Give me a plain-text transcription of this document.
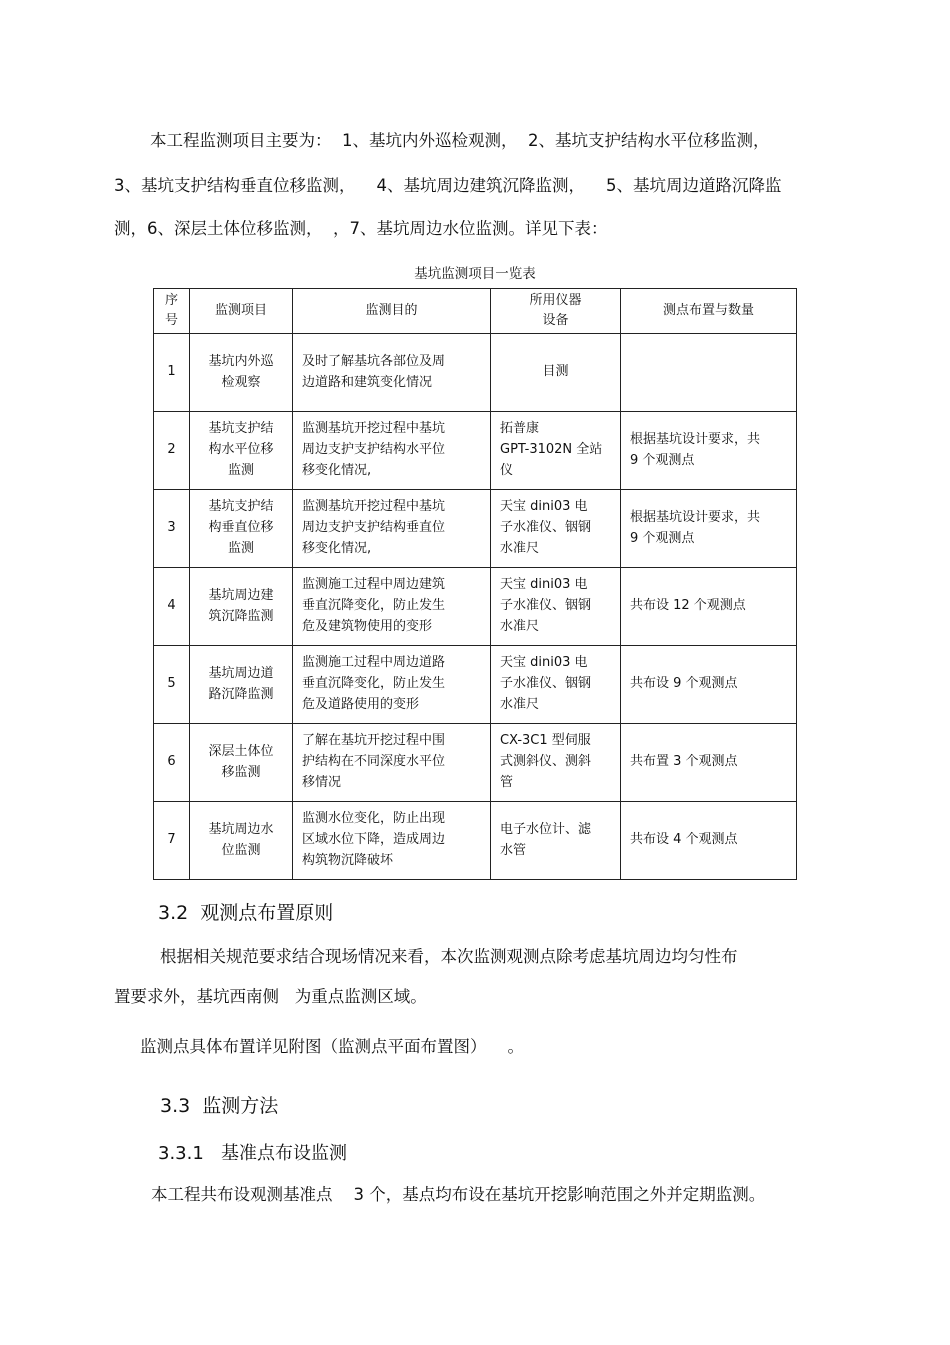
本工程监测项目主要为：  1、基坑内外巡检观测，  2、基坑支护结构水平位移监测，
3、基坑支护结构垂直位移监测，    4、基坑周边建筑沉降监测，    5、基坑周边道路沉降监
测，6、深层土体位移监测，  ，7、基坑周边水位监测。详见下表：
基坑监测项目一览表
序
号	监测项目	监测目的	所用仪器
设备	测点布置与数量
1	基坑内外巡
检观察	及时了解基坑各部位及周
边道路和建筑变化情况	目测	
2	基坑支护结
构水平位移
监测	监测基坑开挖过程中基坑
周边支护支护结构水平位
移变化情况,	拓普康
GPT-3102N 全站
仪	根据基坑设计要求，共
9 个观测点
3	基坑支护结
构垂直位移
监测	监测基坑开挖过程中基坑
周边支护支护结构垂直位
移变化情况,	天宝 dini03 电
子水准仪、铟钢
水准尺	根据基坑设计要求，共
9 个观测点
4	基坑周边建
筑沉降监测	监测施工过程中周边建筑
垂直沉降变化，防止发生
危及建筑物使用的变形	天宝 dini03 电
子水准仪、铟钢
水准尺	共布设 12 个观测点
5	基坑周边道
路沉降监测	监测施工过程中周边道路
垂直沉降变化，防止发生
危及道路使用的变形	天宝 dini03 电
子水准仪、铟钢
水准尺	共布设 9 个观测点
6	深层土体位
移监测	了解在基坑开挖过程中围
护结构在不同深度水平位
移情况	CX-3C1 型伺服
式测斜仪、测斜
管	共布置 3 个观测点
7	基坑周边水
位监测	监测水位变化，防止出现
区域水位下降，造成周边
构筑物沉降破坏	电子水位计、滤
水管	共布设 4 个观测点
3.2  观测点布置原则
根据相关规范要求结合现场情况来看，本次监测观测点除考虑基坑周边均匀性布
置要求外，基坑西南侧   为重点监测区域。
监测点具体布置详见附图（监测点平面布置图）    。
3.3  监测方法
3.3.1   基准点布设监测
本工程共布设观测基准点    3 个，基点均布设在基坑开挖影响范围之外并定期监测。
